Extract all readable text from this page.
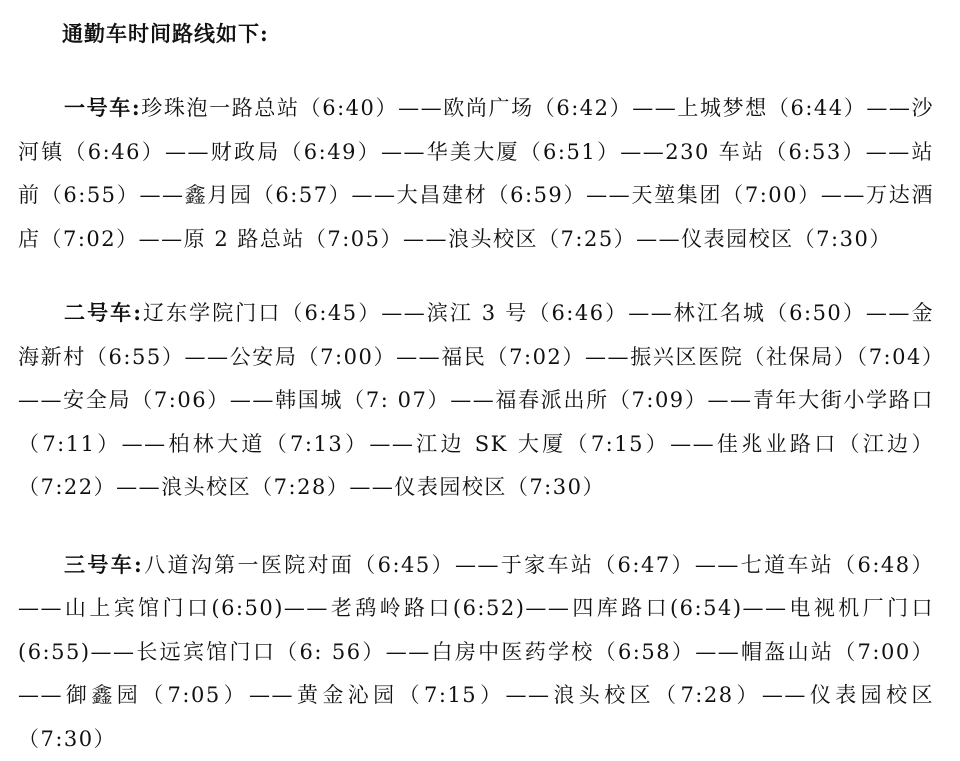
通勤车时间路线如下:

一号车:珍珠泡一路总站（6:40）——欧尚广场（6:42）——上城梦想（6:44）——沙河镇（6:46）——财政局（6:49）——华美大厦（6:51）——230 车站（6:53）——站前（6:55）——鑫月园（6:57）——大昌建材（6:59）——天堃集团（7:00）——万达酒店（7:02）——原 2 路总站（7:05）——浪头校区（7:25）——仪表园校区（7:30）

二号车:辽东学院门口（6:45）——滨江 3 号（6:46）——林江名城（6:50）——金海新村（6:55）——公安局（7:00）——福民（7:02）——振兴区医院（社保局）（7:04）——安全局（7:06）——韩国城（7: 07）——福春派出所（7:09）——青年大街小学路口（7:11）——柏林大道（7:13）——江边 SK 大厦（7:15）——佳兆业路口（江边）（7:22）——浪头校区（7:28）——仪表园校区（7:30）

三号车:八道沟第一医院对面（6:45）——于家车站（6:47）——七道车站（6:48）——山上宾馆门口(6:50)——老鸹岭路口(6:52)——四库路口(6:54)——电视机厂门口(6:55)——长远宾馆门口（6: 56）——白房中医药学校（6:58）——帽盔山站（7:00）——御鑫园（7:05）——黄金沁园（7:15）——浪头校区（7:28）——仪表园校区（7:30）
